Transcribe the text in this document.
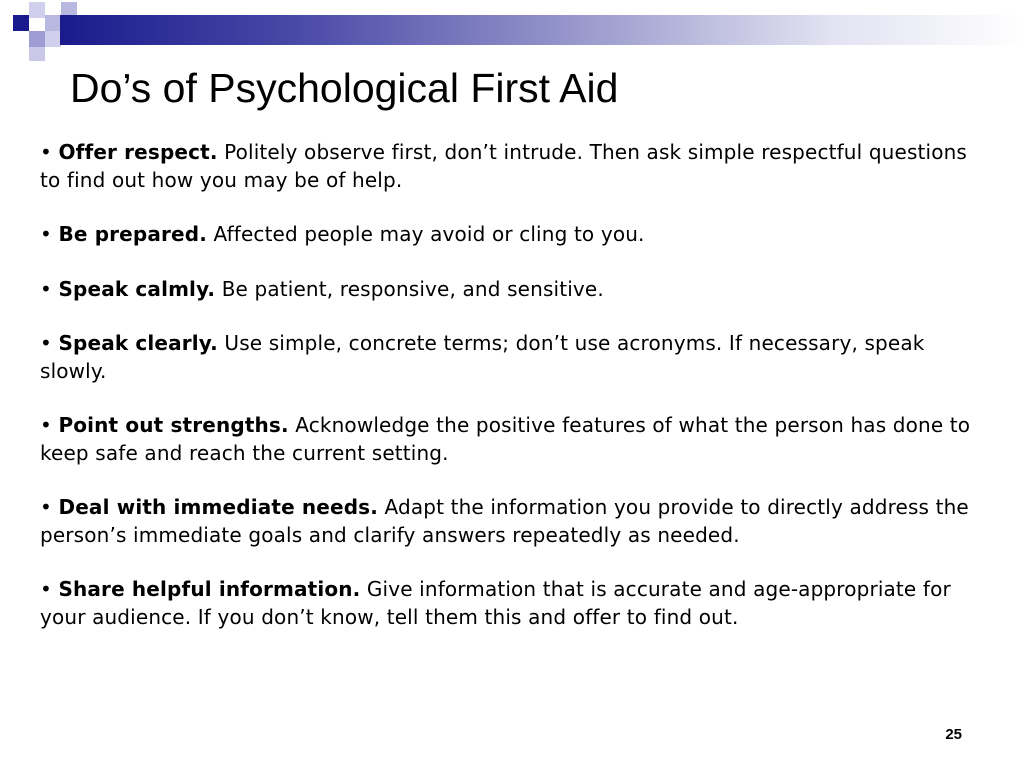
Do’s of Psychological First Aid
• Offer respect. Politely observe first, don’t intrude. Then ask simple respectful questions to find out how you may be of help.
• Be prepared. Affected people may avoid or cling to you.
• Speak calmly. Be patient, responsive, and sensitive.
• Speak clearly. Use simple, concrete terms; don’t use acronyms. If necessary, speak slowly.
• Point out strengths. Acknowledge the positive features of what the person has done to keep safe and reach the current setting.
• Deal with immediate needs. Adapt the information you provide to directly address the person’s immediate goals and clarify answers repeatedly as needed.
• Share helpful information. Give information that is accurate and age-appropriate for your audience. If you don’t know, tell them this and offer to find out.
25
